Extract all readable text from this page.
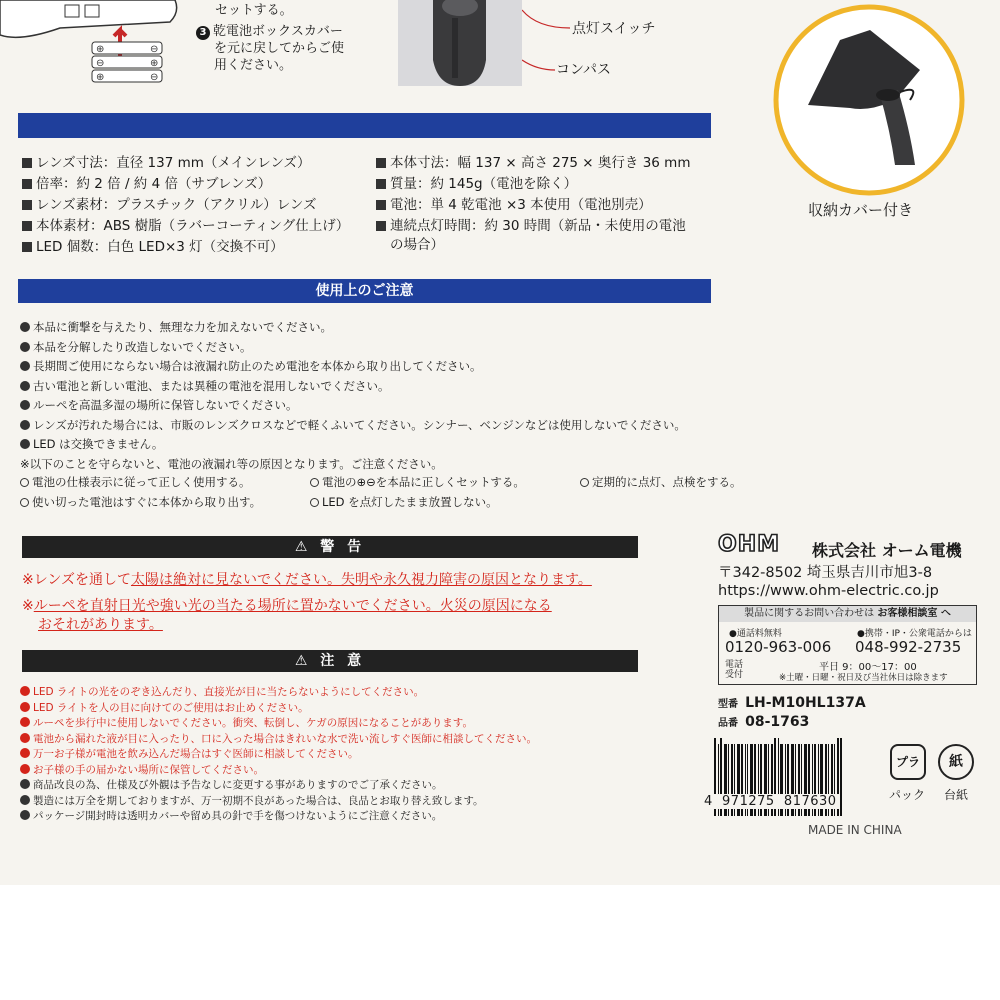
⊕	⊖
⊖	⊕
⊕	⊖
セットする。
3 乾電池ボックスカバー
を元に戻してからご使
用ください。
点灯スイッチ
コンパス
収納カバー付き
レンズ寸法：直径 137 mm（メインレンズ）
倍率：約 2 倍 / 約 4 倍（サブレンズ）
レンズ素材：プラスチック（アクリル）レンズ
本体素材：ABS 樹脂（ラバーコーティング仕上げ）
LED 個数：白色 LED×3 灯（交換不可）
本体寸法：幅 137 × 高さ 275 × 奥行き 36 mm
質量：約 145g（電池を除く）
電池：単 4 乾電池 ×3 本使用（電池別売）
連続点灯時間：約 30 時間（新品・未使用の電池
の場合）
使用上のご注意
本品に衝撃を与えたり、無理な力を加えないでください。
本品を分解したり改造しないでください。
長期間ご使用にならない場合は液漏れ防止のため電池を本体から取り出してください。
古い電池と新しい電池、または異種の電池を混用しないでください。
ルーペを高温多湿の場所に保管しないでください。
レンズが汚れた場合には、市販のレンズクロスなどで軽くふいてください。シンナー、ベンジンなどは使用しないでください。
LED は交換できません。
※以下のことを守らないと、電池の液漏れ等の原因となります。ご注意ください。
電池の仕様表示に従って正しく使用する。	電池の⊕⊖を本品に正しくセットする。	定期的に点灯、点検をする。
使い切った電池はすぐに本体から取り出す。	LED を点灯したまま放置しない。
⚠ 警 告
※レンズを通して太陽は絶対に見ないでください。失明や永久視力障害の原因となります。
※ルーペを直射日光や強い光の当たる場所に置かないでください。火災の原因になる
おそれがあります。
⚠ 注 意
LED ライトの光をのぞき込んだり、直接光が目に当たらないようにしてください。
LED ライトを人の目に向けてのご使用はお止めください。
ルーペを歩行中に使用しないでください。衝突、転倒し、ケガの原因になることがあります。
電池から漏れた液が目に入ったり、口に入った場合はきれいな水で洗い流しすぐ医師に相談してください。
万一お子様が電池を飲み込んだ場合はすぐ医師に相談してください。
お子様の手の届かない場所に保管してください。
商品改良の為、仕様及び外観は予告なしに変更する事がありますのでご了承ください。
製造には万全を期しておりますが、万一初期不良があった場合は、良品とお取り替え致します。
パッケージ開封時は透明カバーや留め具の針で手を傷つけないようにご注意ください。
OHM 株式会社 オーム電機
〒342-8502 埼玉県吉川市旭3-8
https://www.ohm-electric.co.jp
製品に関するお問い合わせは お客様相談室 へ
●通話料無料	●携帯・IP・公衆電話からは
0120-963-006 048-992-2735
電話受付
平日 9：00〜17：00
※土曜・日曜・祝日及び当社休日は除きます
型番 LH-M10HL137A
品番 08-1763
4  971275  817630
プラ
パック
紙
台紙
MADE IN CHINA
